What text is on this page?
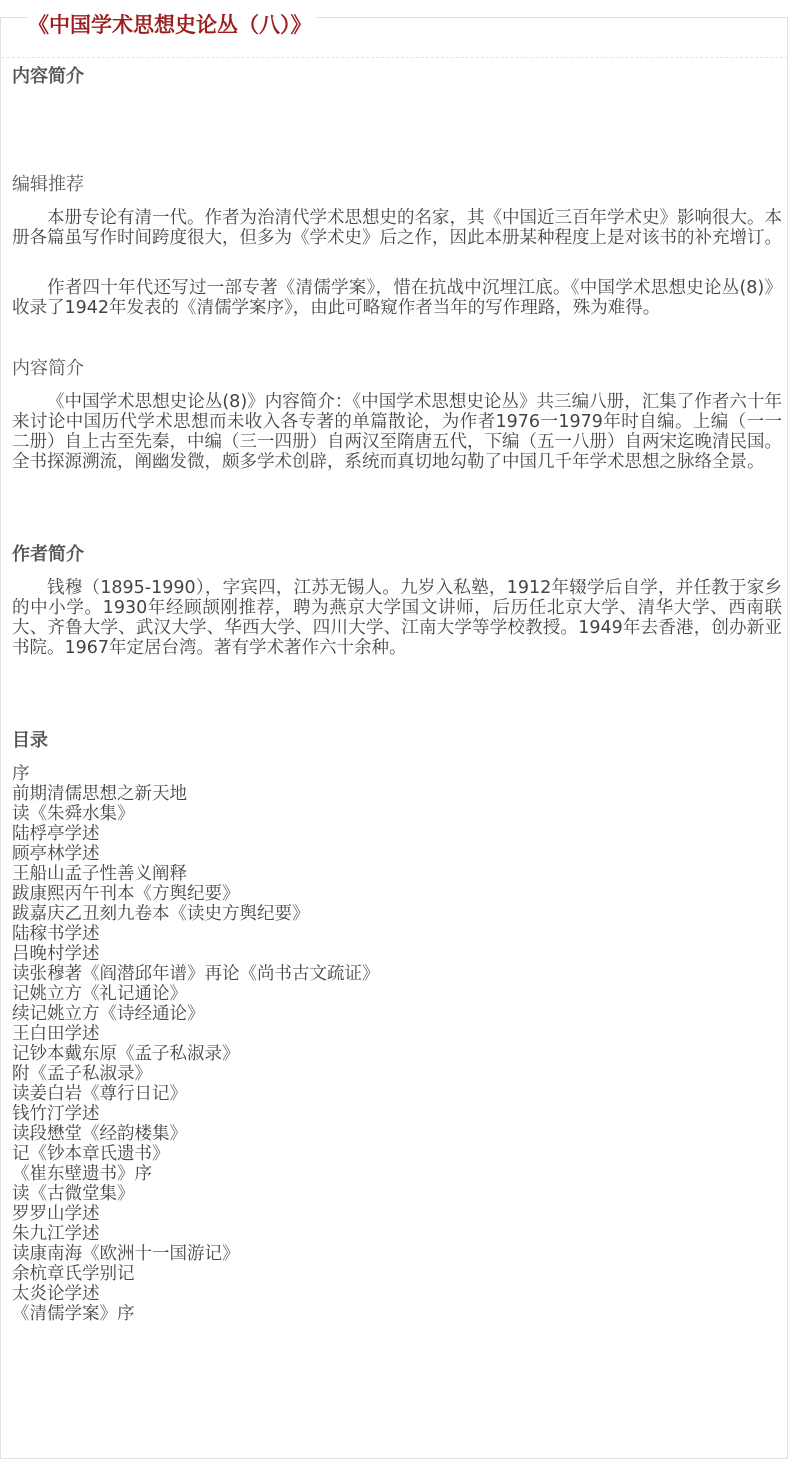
《中国学术思想史论丛（八）》
内容简介
编辑推荐

本册专论有清一代。作者为治清代学术思想史的名家，其《中国近三百年学术史》影响很大。本册各篇虽写作时间跨度很大，但多为《学术史》后之作，因此本册某种程度上是对该书的补充增订。

作者四十年代还写过一部专著《清儒学案》，惜在抗战中沉埋江底。《中国学术思想史论丛(8)》收录了1942年发表的《清儒学案序》，由此可略窥作者当年的写作理路，殊为难得。

内容简介

《中国学术思想史论丛(8)》内容简介：《中国学术思想史论丛》共三编八册，汇集了作者六十年来讨论中国历代学术思想而未收入各专著的单篇散论，为作者1976一1979年时自编。上编（一一二册）自上古至先秦，中编（三一四册）自两汉至隋唐五代，下编（五一八册）自两宋迄晚清民国。全书探源溯流，阐幽发微，颇多学术创辟，系统而真切地勾勒了中国几千年学术思想之脉络全景。

作者简介

钱穆（1895-1990），字宾四，江苏无锡人。九岁入私塾，1912年辍学后自学，并任教于家乡的中小学。1930年经顾颉刚推荐，聘为燕京大学国文讲师，后历任北京大学、清华大学、西南联大、齐鲁大学、武汉大学、华西大学、四川大学、江南大学等学校教授。1949年去香港，创办新亚书院。1967年定居台湾。著有学术著作六十余种。

目录
序
前期清儒思想之新天地
读《朱舜水集》
陆桴亭学述
顾亭林学述
王船山孟子性善义阐释
跋康熙丙午刊本《方舆纪要》
跋嘉庆乙丑刻九卷本《读史方舆纪要》
陆稼书学述
吕晚村学述
读张穆著《阎潜邱年谱》再论《尚书古文疏证》
记姚立方《礼记通论》
续记姚立方《诗经通论》
王白田学述
记钞本戴东原《孟子私淑录》
附《孟子私淑录》
读姜白岩《尊行日记》
钱竹汀学述
读段懋堂《经韵楼集》
记《钞本章氏遗书》
《崔东壁遗书》序
读《古微堂集》
罗罗山学述
朱九江学述
读康南海《欧洲十一国游记》
余杭章氏学别记
太炎论学述
《清儒学案》序
